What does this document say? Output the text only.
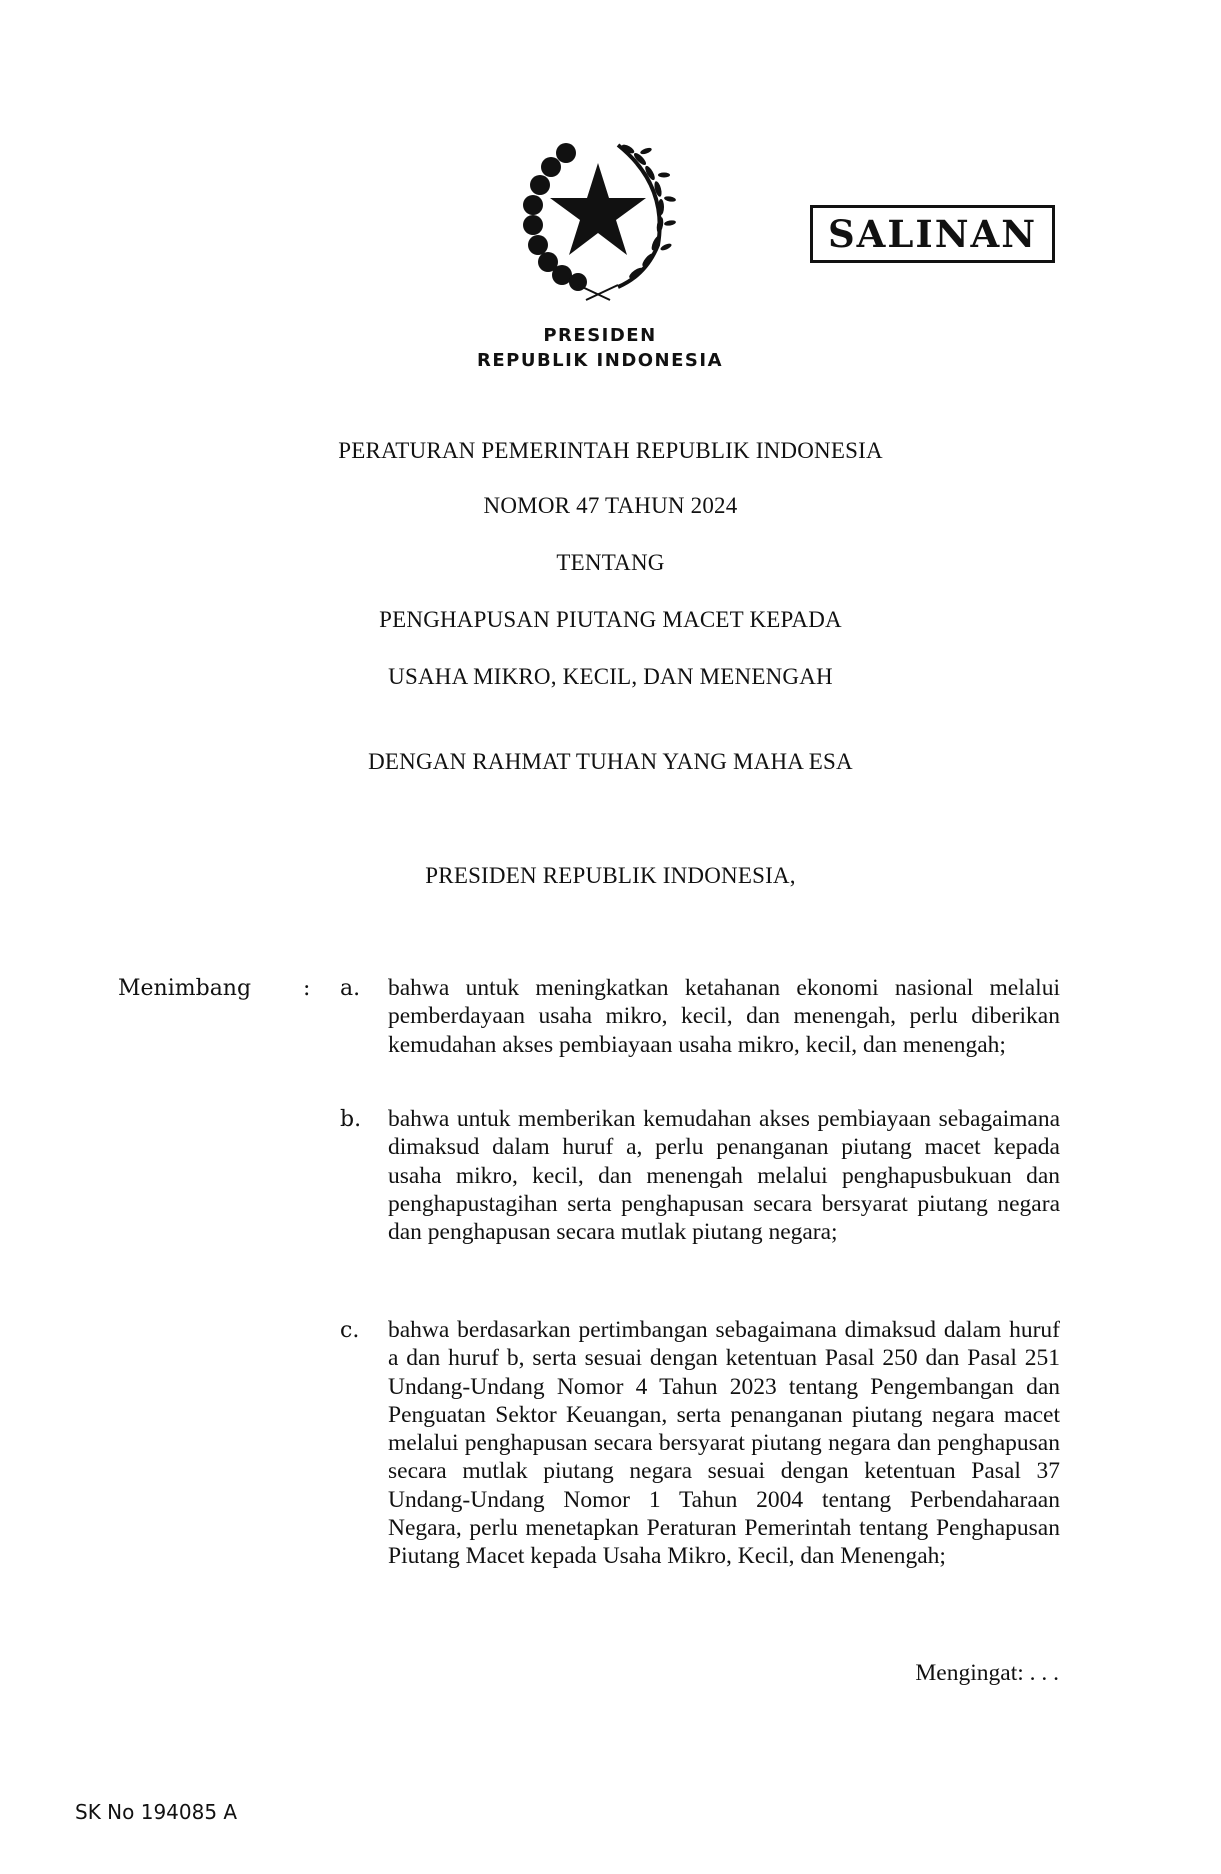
SALINAN
PRESIDEN
REPUBLIK INDONESIA
PERATURAN PEMERINTAH REPUBLIK INDONESIA
NOMOR 47 TAHUN 2024
TENTANG
PENGHAPUSAN PIUTANG MACET KEPADA
USAHA MIKRO, KECIL, DAN MENENGAH
DENGAN RAHMAT TUHAN YANG MAHA ESA
PRESIDEN REPUBLIK INDONESIA,
Menimbang : a. bahwa untuk meningkatkan ketahanan ekonomi nasional melalui pemberdayaan usaha mikro, kecil, dan menengah, perlu diberikan kemudahan akses pembiayaan usaha mikro, kecil, dan menengah;
b. bahwa untuk memberikan kemudahan akses pembiayaan sebagaimana dimaksud dalam huruf a, perlu penanganan piutang macet kepada usaha mikro, kecil, dan menengah melalui penghapusbukuan dan penghapustagihan serta penghapusan secara bersyarat piutang negara dan penghapusan secara mutlak piutang negara;
c. bahwa berdasarkan pertimbangan sebagaimana dimaksud dalam huruf a dan huruf b, serta sesuai dengan ketentuan Pasal 250 dan Pasal 251 Undang-Undang Nomor 4 Tahun 2023 tentang Pengembangan dan Penguatan Sektor Keuangan, serta penanganan piutang negara macet melalui penghapusan secara bersyarat piutang negara dan penghapusan secara mutlak piutang negara sesuai dengan ketentuan Pasal 37 Undang-Undang Nomor 1 Tahun 2004 tentang Perbendaharaan Negara, perlu menetapkan Peraturan Pemerintah tentang Penghapusan Piutang Macet kepada Usaha Mikro, Kecil, dan Menengah;
Mengingat: . . .
SK No 194085 A
